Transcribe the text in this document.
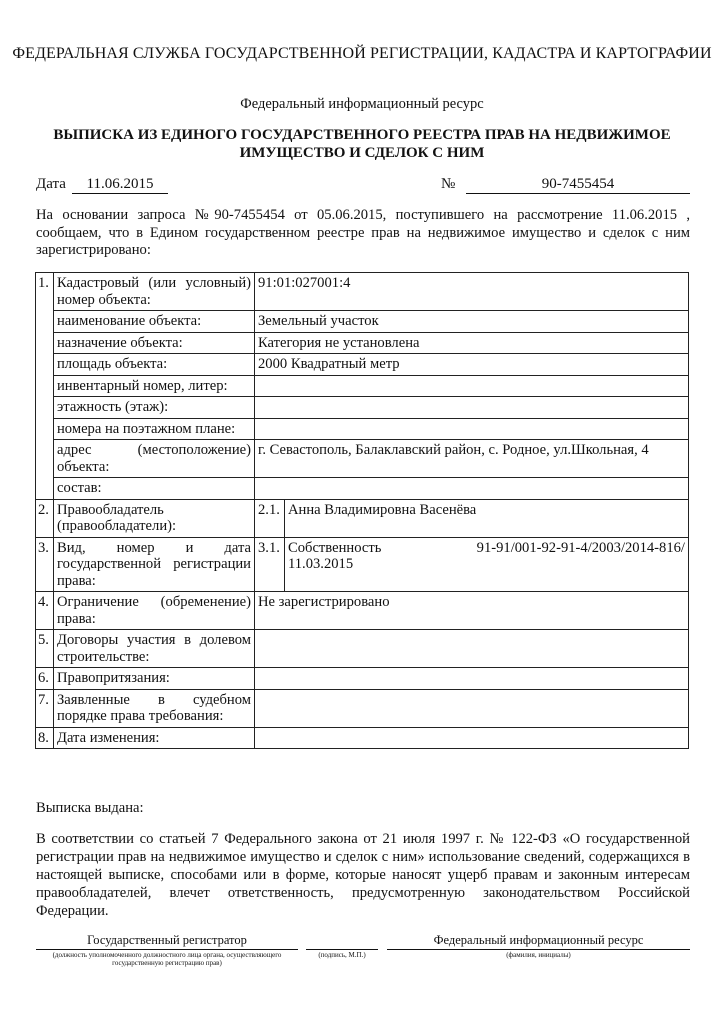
ФЕДЕРАЛЬНАЯ СЛУЖБА ГОСУДАРСТВЕННОЙ РЕГИСТРАЦИИ, КАДАСТРА И КАРТОГРАФИИ
Федеральный информационный ресурс
ВЫПИСКА ИЗ ЕДИНОГО ГОСУДАРСТВЕННОГО РЕЕСТРА ПРАВ НА НЕДВИЖИМОЕ ИМУЩЕСТВО И СДЕЛОК С НИМ
Дата	11.06.2015	№	90-7455454
На основании запроса №90-7455454 от 05.06.2015, поступившего на рассмотрение 11.06.2015 , сообщаем, что в Едином государственном реестре прав на недвижимое имущество и сделок с ним зарегистрировано:
1.	Кадастровый (или условный) номер объекта:	91:01:027001:4	
	наименование объекта:	Земельный участок	
	назначение объекта:	Категория не установлена	
	площадь объекта:	2000 Квадратный метр	
	инвентарный номер, литер:		
	этажность (этаж):		
	номера на поэтажном плане:		
	адрес (местоположение) объекта:	г. Севастополь, Балаклавский район, с. Родное, ул.Школьная, 4	
	состав:		
2.	Правообладатель (правообладатели):	2.1.	Анна Владимировна Васенёва
3.	Вид, номер и дата государственной регистрации права:	3.1.	Собственность 91-91/001-92-91-4/2003/2014-816/
11.03.2015

4.	Ограничение (обременение) права:	Не зарегистрировано	
5.	Договоры участия в долевом строительстве:		
6.	Правопритязания:		
7.	Заявленные в судебном порядке права требования:		
8.	Дата изменения:		
Выписка выдана:
В соответствии со статьей 7 Федерального закона от 21 июля 1997 г. № 122-ФЗ «О государственной регистрации прав на недвижимое имущество и сделок с ним» использование сведений, содержащихся в настоящей выписке, способами или в форме, которые наносят ущерб правам и законным интересам правообладателей, влечет ответственность, предусмотренную законодательством Российской Федерации.
Государственный регистратор	Федеральный информационный ресурс
(должность уполномоченного должностного лица органа, осуществляющего государственную регистрацию прав)
(подпись, М.П.)	(фамилия, инициалы)
